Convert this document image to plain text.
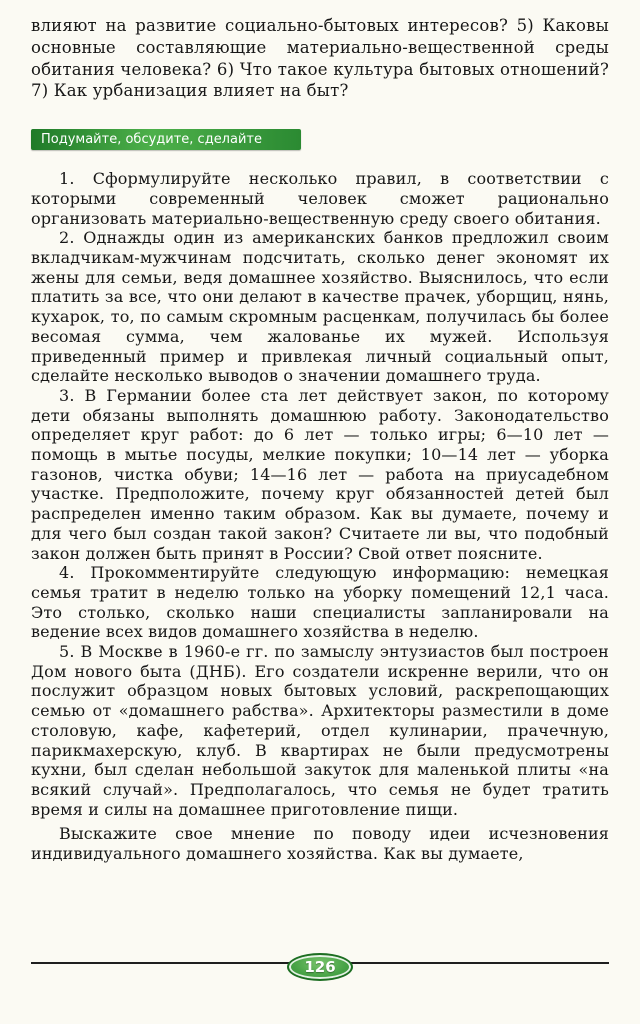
влияют на развитие социально-бытовых интересов? 5) Каковы основные составляющие материально-вещественной среды обитания человека? 6) Что такое культура бытовых отношений? 7) Как урбанизация влияет на быт?

Подумайте, обсудите, сделайте

1. Сформулируйте несколько правил, в соответствии с которыми современный человек сможет рационально организовать материально-вещественную среду своего обитания.

2. Однажды один из американских банков предложил своим вкладчикам-мужчинам подсчитать, сколько денег экономят их жены для семьи, ведя домашнее хозяйство. Выяснилось, что если платить за все, что они делают в качестве прачек, уборщиц, нянь, кухарок, то, по самым скромным расценкам, получилась бы более весомая сумма, чем жалованье их мужей. Используя приведенный пример и привлекая личный социальный опыт, сделайте несколько выводов о значении домашнего труда.

3. В Германии более ста лет действует закон, по которому дети обязаны выполнять домашнюю работу. Законодательство определяет круг работ: до 6 лет — только игры; 6—10 лет — помощь в мытье посуды, мелкие покупки; 10—14 лет — уборка газонов, чистка обуви; 14—16 лет — работа на приусадебном участке. Предположите, почему круг обязанностей детей был распределен именно таким образом. Как вы думаете, почему и для чего был создан такой закон? Считаете ли вы, что подобный закон должен быть принят в России? Свой ответ поясните.

4. Прокомментируйте следующую информацию: немецкая семья тратит в неделю только на уборку помещений 12,1 часа. Это столько, сколько наши специалисты запланировали на ведение всех видов домашнего хозяйства в неделю.

5. В Москве в 1960-е гг. по замыслу энтузиастов был построен Дом нового быта (ДНБ). Его создатели искренне верили, что он послужит образцом новых бытовых условий, раскрепощающих семью от «домашнего рабства». Архитекторы разместили в доме столовую, кафе, кафетерий, отдел кулинарии, прачечную, парикмахерскую, клуб. В квартирах не были предусмотрены кухни, был сделан небольшой закуток для маленькой плиты «на всякий случай». Предполагалось, что семья не будет тратить время и силы на домашнее приготовление пищи.

Выскажите свое мнение по поводу идеи исчезновения индивидуального домашнего хозяйства. Как вы думаете,

126
